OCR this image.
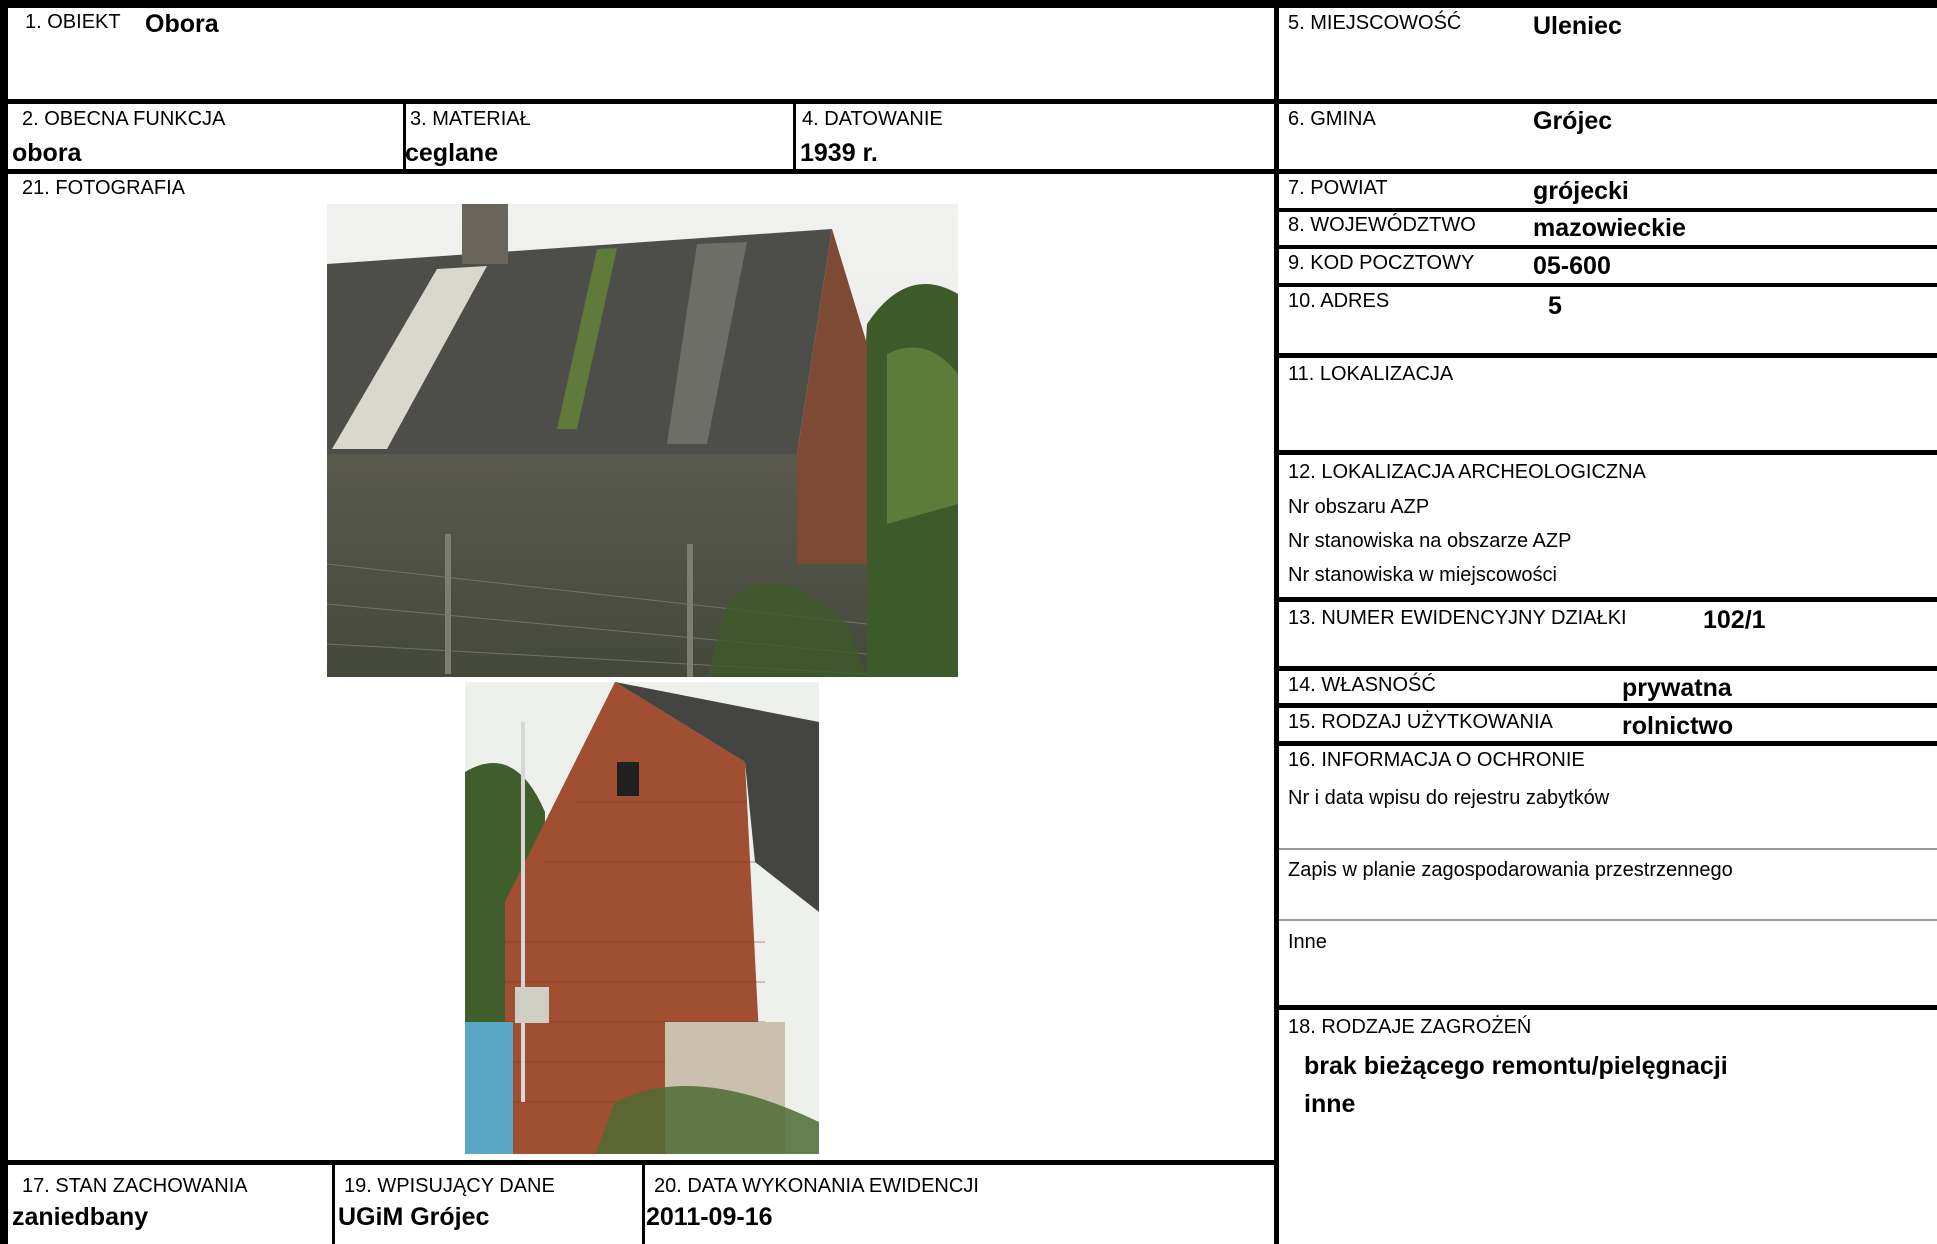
1. OBIEKT Obora
2. OBECNA FUNKCJA
obora
3. MATERIAŁ
ceglane
4. DATOWANIE
1939 r.
21. FOTOGRAFIA
17. STAN ZACHOWANIA
zaniedbany
19. WPISUJĄCY DANE
UGiM Grójec
20. DATA WYKONANIA EWIDENCJI
2011-09-16
5. MIEJSCOWOŚĆ	Uleniec
6. GMINA	Grójec
7. POWIAT	grójecki
8. WOJEWÓDZTWO mazowieckie
9. KOD POCZTOWY 05-600
10. ADRES	5
11. LOKALIZACJA
12. LOKALIZACJA ARCHEOLOGICZNA
Nr obszaru AZP
Nr stanowiska na obszarze AZP
Nr stanowiska w miejscowości
13. NUMER EWIDENCYJNY DZIAŁKI	102/1
14. WŁASNOŚĆ	prywatna
15. RODZAJ UŻYTKOWANIA	rolnictwo
16. INFORMACJA O OCHRONIE
Nr i data wpisu do rejestru zabytków
Zapis w planie zagospodarowania przestrzennego
Inne
18. RODZAJE ZAGROŻEŃ
brak bieżącego remontu/pielęgnacji
inne
